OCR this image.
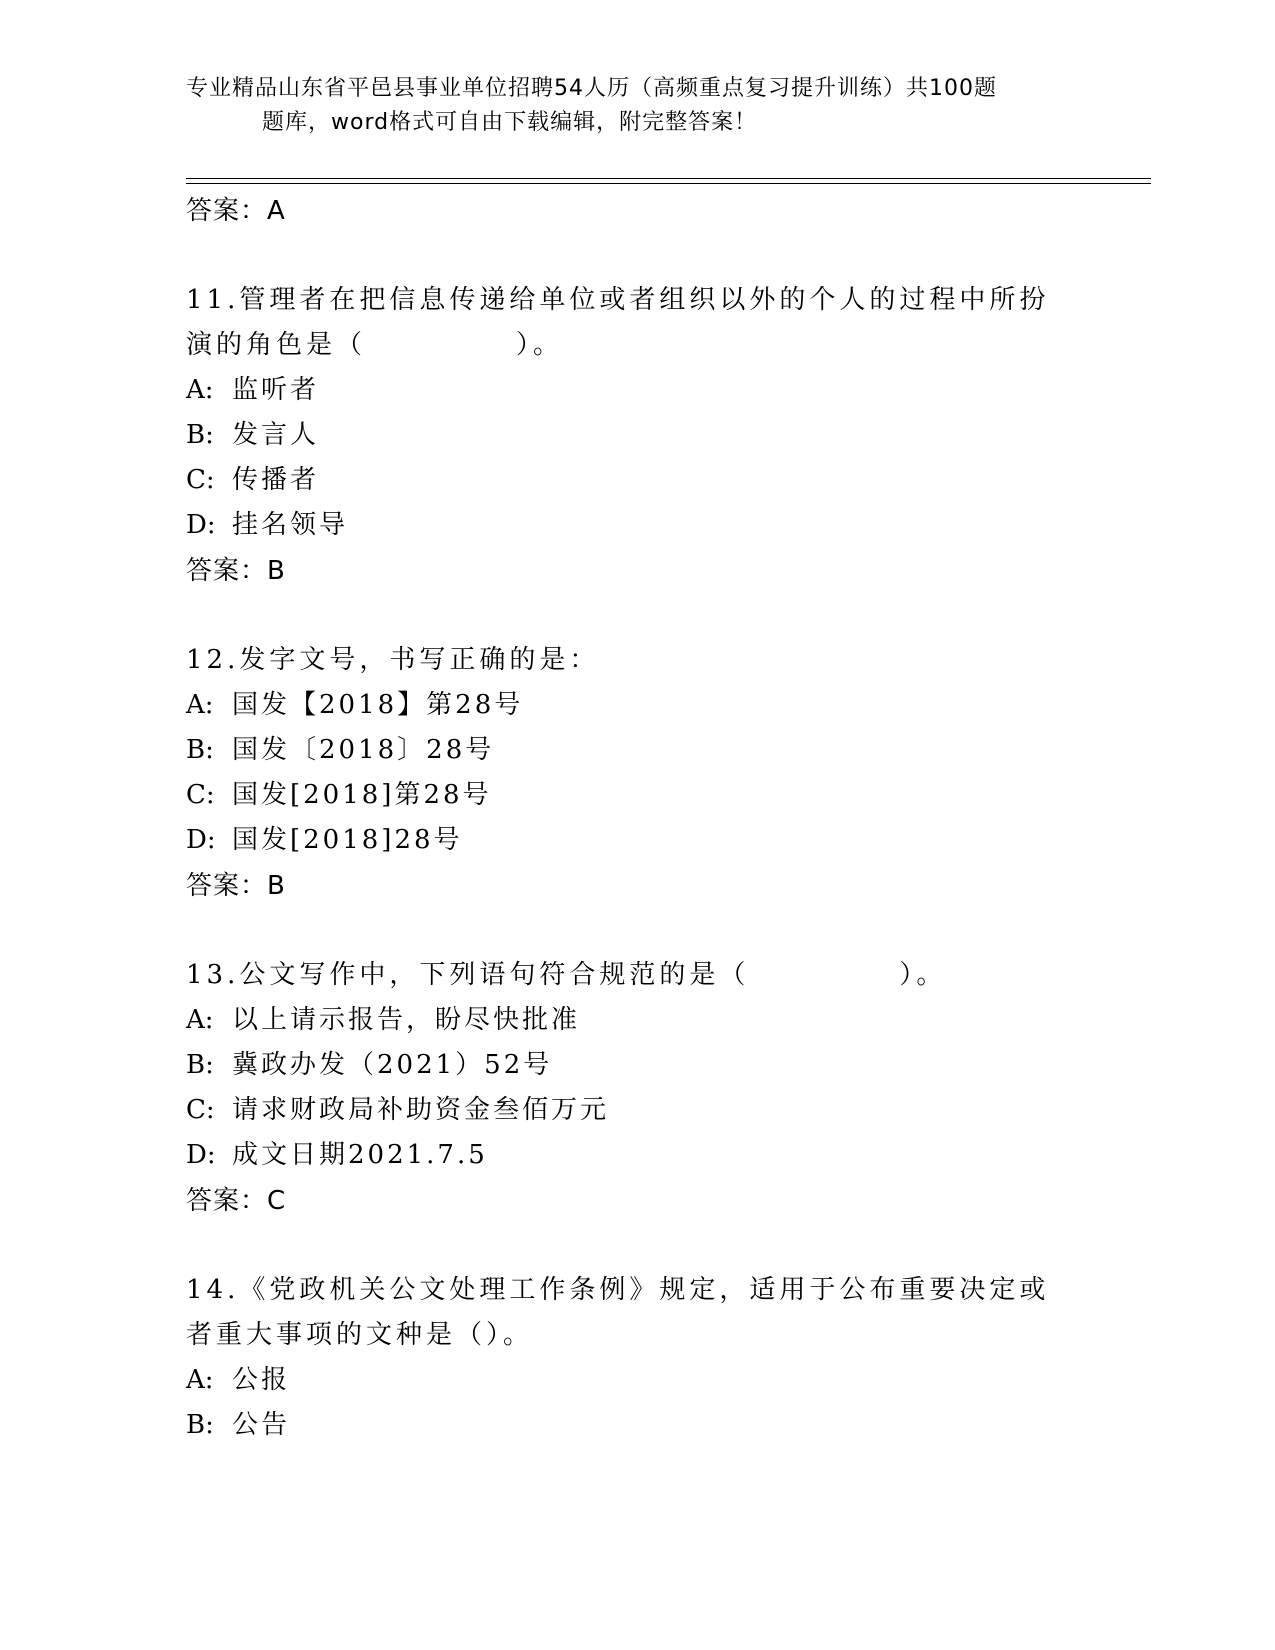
专业精品山东省平邑县事业单位招聘54人历（高频重点复习提升训练）共100题
题库，word格式可自由下载编辑，附完整答案！
答案：A
11.管理者在把信息传递给单位或者组织以外的个人的过程中所扮演的角色是（　　　　　）。
A: 监听者
B: 发言人
C: 传播者
D: 挂名领导
答案：B
12.发字文号，书写正确的是：
A: 国发【2018】第28号
B: 国发〔2018〕28号
C: 国发[2018]第28号
D: 国发[2018]28号
答案：B
13.公文写作中，下列语句符合规范的是（　　　　　）。
A: 以上请示报告，盼尽快批准
B: 冀政办发（2021）52号
C: 请求财政局补助资金叁佰万元
D: 成文日期2021.7.5
答案：C
14.《党政机关公文处理工作条例》规定，适用于公布重要决定或者重大事项的文种是（）。
A: 公报
B: 公告
